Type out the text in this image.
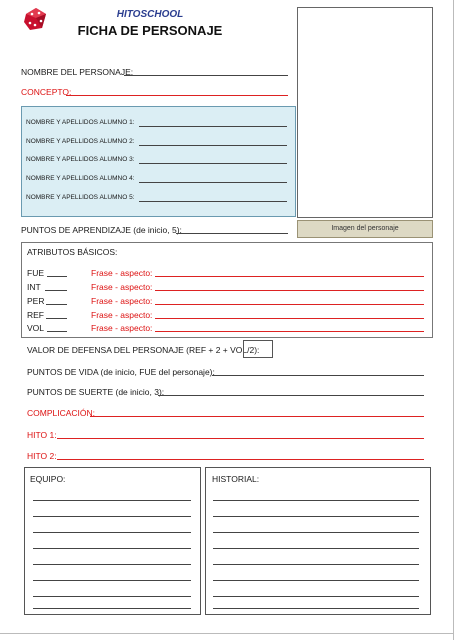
HITOSCHOOL
FICHA DE PERSONAJE
Imagen del personaje
NOMBRE DEL PERSONAJE:
CONCEPTO:
NOMBRE Y APELLIDOS ALUMNO 1:
NOMBRE Y APELLIDOS ALUMNO 2:
NOMBRE Y APELLIDOS ALUMNO 3:
NOMBRE Y APELLIDOS ALUMNO 4:
NOMBRE Y APELLIDOS ALUMNO 5:
PUNTOS DE APRENDIZAJE (de inicio, 5):
ATRIBUTOS BÁSICOS:
FUE	Frase - aspecto:
INT	Frase - aspecto:
PER	Frase - aspecto:
REF	Frase - aspecto:
VOL	Frase - aspecto:
VALOR DE DEFENSA DEL PERSONAJE (REF + 2 + VOL/2):
PUNTOS DE VIDA (de inicio, FUE del personaje):
PUNTOS DE SUERTE (de inicio, 3):
COMPLICACIÓN:
HITO 1:
HITO 2:
EQUIPO:	HISTORIAL:
